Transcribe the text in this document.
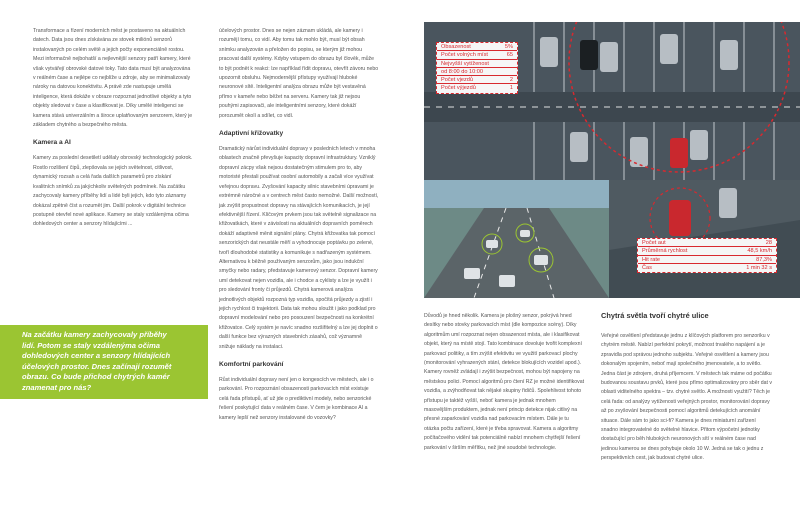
Transformace a řízení moderních měst je postaveno na aktuálních datech. Data jsou dnes získávána ze stovek miliónů senzorů instalovaných po celém světě a jejich počty exponenciálně rostou. Mezi informačně nejbohatší a nejlevnější senzory patří kamery, které však vytvářejí obrovské datové toky. Tato data musí být analyzována v reálném čase a nejlépe co nejblíže u zdroje, aby se minimalizovaly nároky na datovou konektivitu. A právě zde nastupuje umělá inteligence, která dokáže v obraze rozpoznat jednotlivé objekty a tyto objekty sledovat v čase a klasifikovat je. Díky umělé inteligenci se kamera stává univerzálním a široce uplatňovaným senzorem, který je základem chytrého a bezpečného města.

Kamera a AI

Kamery za poslední desetiletí udělaly obrovský technologický pokrok. Rostlo rozlišení čipů, zlepšovala se jejich světelnost, citlivost, dynamický rozsah a celá řada dalších parametrů pro získání kvalitních snímků za jakýchkoliv světelných podmínek. Na začátku zachycovaly kamery příběhy lidí a lidé byli jejich, kdo tyto záznamy dokázal zpětně číst a rozumět jim. Další pokrok v digitální technice postupně otevřel nové aplikace. Kamery se staly vzdálenýma očima dohledových center a senzory hlídajícími ...

Na začátku kamery zachycovaly příběhy
lidí. Potom se staly vzdálenýma očima
dohledových center a senzory hlídajících
účelových prostor. Dnes začínají rozumět
obrazu. Co bude přichod chytrých kamér
znamenat pro nás?

účelových prostor. Dnes se nejen záznam ukládá, ale kamery i rozumějí tomu, co vidí. Aby tomu tak mohlo být, musí být obsah snímku analyzován a přeložen do popisu, se kterým již mohou pracovat další systémy. Kdyby vstupem do obrazu byl člověk, může to být podnět k reakci: lze například řídit dopravu, otevřít závoru nebo upozornit obsluhu. Nejmodernější přístupy využívají hluboké neuronové sítě. Inteligentní analýza obrazu může být vestavěná přímo v kameře nebo běžet na serveru. Kamery tak již nejsou pouhými zapisovači, ale inteligentními senzory, které dokáží porozumět okolí a sdílet, co vidí.

Adaptivní křižovatky

Dramatický nárůst individuální dopravy v posledních letech v mnoha oblastech značně převyšuje kapacity dopravní infrastruktury. Vzniklý dopravní zácpy však nejsou dostatečným stimulem pro to, aby motoristé přestali používat osobní automobily a začali více využívat veřejnou dopravu. Zvyšování kapacity silnic stavebními úpravami je extrémně náročné a v centrech měst často nemožné. Další možností, jak zvýšit propustnost dopravy na stávajících komunikacích, je její efektivnější řízení. Klíčovým prvkem jsou tak světelně signalizace na křižovatkách, které v závislosti na aktuálních dopravních poměrech dokáží adaptivně měnit signální plány. Chytrá křižovatka tak pomocí senzorických dat neustále měří a vyhodnocuje poptávku po zelené, tvoří dlouhodobé statistiky a komunikuje s nadřazeným systémem. Alternativou k běžně používaným senzorům, jako jsou indukční smyčky nebo radary, představuje kamerový senzor. Dopravní kamery umí detekovat nejen vozidla, ale i chodce a cyklisty a lze je využít i pro sledování fronty či průjezdů. Chytrá kamerová analýza jednotlivých objektů rozpozná typ vozidla, spočítá průjezdy a zjistí i jejich rychlost či trajektorii. Data tak mohou sloužit i jako podklad pro dopravní modelování nebo pro posouzení bezpečnosti na konkrétní křižovatce. Celý systém je navíc snadno rozšiřitelný a lze jej doplnit o další funkce bez výrazných stavebních zásahů, což významně snižuje náklady na instalaci.

Komfortní parkování

Růst individuální dopravy není jen o kongescích ve městech, ale i o parkování. Pro rozpoznání obsazenosti parkovacích míst existuje celá řada přístupů, ať už jde o prediktivní modely, nebo senzorické řešení poskytující data v reálném čase. V čem je kombinace AI a kamery lepší než senzory instalované do vozovky?

Obsazenost	5%
Počet volných míst	65
Nejvyšší vytíženost
od 8:00 do 10:00
Počet vjezdů	2
Počet výjezdů	1
Počet aut	28
Průměrná rychlost	48,5 km/h
Hit rate	87,3%
Čas	1 min 32 s

Důvodů je hned několik. Kamera je plošný senzor, pokrývá hned desítky nebo stovky parkovacích míst (dle kompozice scény). Díky algoritmům umí rozpoznat nejen obsazenost místa, ale i klasifikovat objekt, který na místě stojí. Tato kombinace dovoluje tvořit komplexní parkovací politiky, a tím zvýšit efektivitu ve využití parkovací plochy (monitorování vyhrazených stání, detekce blokujících vozidel apod.). Kamery rovněž zvládají i zvýšit bezpečnost, mohou být napojeny na městskou polici. Pomocí algoritmů pro čtení RZ je možné identifikovat vozidla, a zvýhodňovat tak nějaké skupiny řidičů. Spolehlivost tohoto přístupu je taktéž vyšší, neboť kamera je jednak mnohem masovějším produktem, jednak není princip detekce nijak citlivý na přesné zaparkování vozidla nad parkovacím místem. Dále je tu otázka počtu zařízení, které je třeba spravovat. Kamera a algoritmy počítačového vidění tak potenciálně nabízí mnohem chytřejší řešení parkování v širším měřítku, než jiné soudobé technologie.

Chytrá světla tvoří chytré ulice

Veřejné osvětlení představuje jednu z klíčových platforem pro senzoriku v chytrém městě. Nabízí perfektní pokrytí, možnost trvalého napájení a je zpravidla pod správou jednoho subjektu. Veřejné osvětlení a kamery jsou dokonalým spojením, neboť mají společného jmenovatele, a to světlo. Jedna část je zdrojem, druhá příjemcem. V městech tak máme od počátku budovanou soustavu prvků, které jsou přímo optimalizovány pro sběr dat v oblasti viditelného spektra – tzv. chytré světlo. A možnosti využití? Těch je celá řada: od analýzy vytíženosti veřejných prostor, monitorování dopravy až po zvyšování bezpečnosti pomocí algoritmů detekujících anomální situace. Dále sám to jako sci-fi? Kamera je dnes miniaturní zařízení snadno integrovatelné do světelné hlavice. Přitom výpočetní jednotky dostačující pro běh hlubokých neuronových sítí v reálném čase nad jedinou kamerou se dnes pohybuje okolo 10 W. Jedná se tak o jednu z perspektivních cest, jak budovat chytré ulice.
